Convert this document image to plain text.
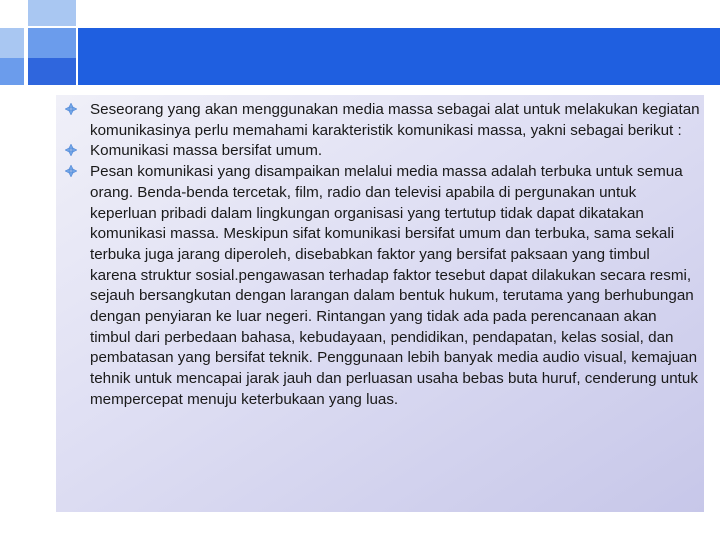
Seseorang yang akan menggunakan media massa sebagai alat untuk melakukan kegiatan komunikasinya perlu memahami karakteristik komunikasi massa, yakni sebagai berikut :
Komunikasi massa bersifat umum.
Pesan komunikasi yang disampaikan melalui media massa adalah terbuka untuk semua orang. Benda-benda tercetak, film, radio dan televisi apabila di pergunakan untuk keperluan pribadi dalam lingkungan organisasi yang tertutup tidak dapat dikatakan komunikasi massa. Meskipun sifat komunikasi bersifat umum dan terbuka, sama sekali terbuka juga jarang diperoleh, disebabkan faktor yang bersifat paksaan yang timbul karena struktur sosial.pengawasan terhadap faktor tesebut dapat dilakukan secara resmi, sejauh bersangkutan dengan larangan dalam bentuk hukum, terutama yang berhubungan dengan penyiaran ke luar negeri. Rintangan yang tidak ada pada perencanaan akan timbul dari perbedaan bahasa, kebudayaan, pendidikan, pendapatan, kelas sosial, dan pembatasan yang bersifat teknik. Penggunaan lebih banyak media audio visual, kemajuan tehnik untuk mencapai jarak jauh dan perluasan usaha bebas buta huruf, cenderung untuk mempercepat menuju keterbukaan yang luas.
